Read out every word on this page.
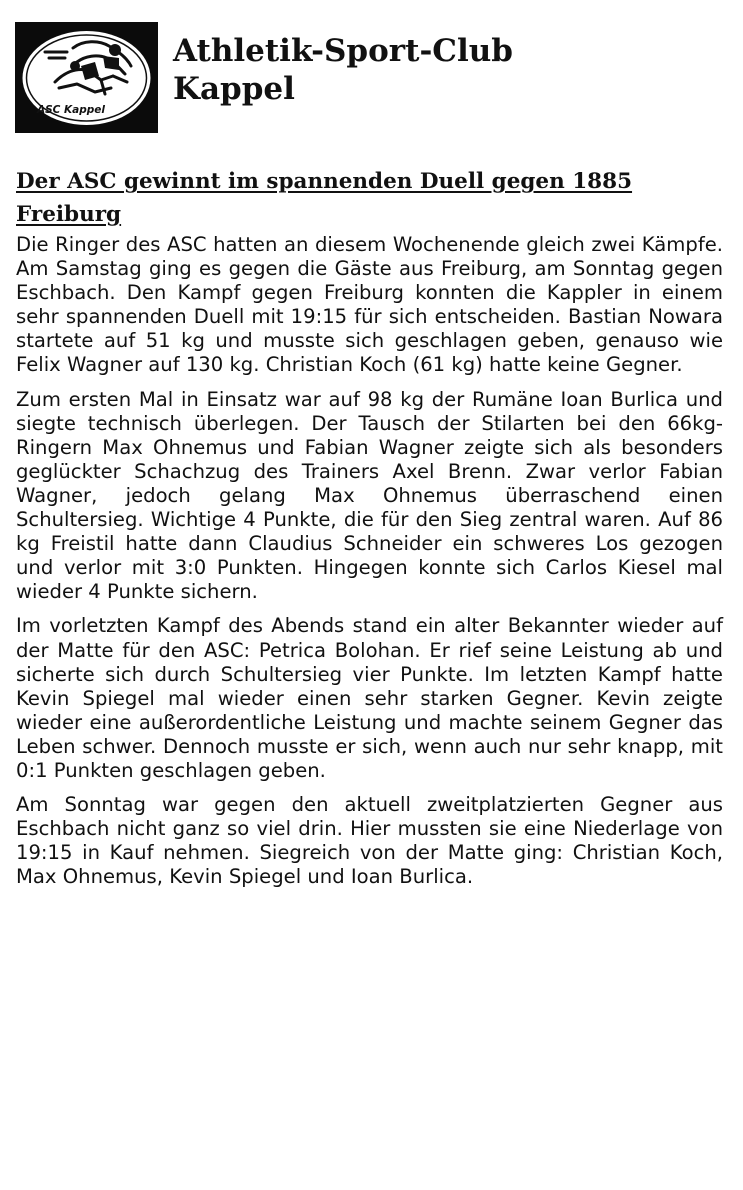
ASC Kappel
Athletik-Sport-Club
Kappel
Der ASC gewinnt im spannenden Duell gegen 1885 Freiburg

Die Ringer des ASC hatten an diesem Wochenende gleich zwei Kämpfe. Am Samstag ging es gegen die Gäste aus Freiburg, am Sonntag gegen Eschbach. Den Kampf gegen Freiburg konnten die Kappler in einem sehr spannenden Duell mit 19:15 für sich entscheiden. Bastian Nowara startete auf 51 kg und musste sich geschlagen geben, genauso wie Felix Wagner auf 130 kg. Christian Koch (61 kg) hatte keine Gegner.

Zum ersten Mal in Einsatz war auf 98 kg der Rumäne Ioan Burlica und siegte technisch überlegen. Der Tausch der Stilarten bei den 66kg-Ringern Max Ohnemus und Fabian Wagner zeigte sich als besonders geglückter Schachzug des Trainers Axel Brenn. Zwar verlor Fabian Wagner, jedoch gelang Max Ohnemus überraschend einen Schultersieg. Wichtige 4 Punkte, die für den Sieg zentral waren. Auf 86 kg Freistil hatte dann Claudius Schneider ein schweres Los gezogen und verlor mit 3:0 Punkten. Hingegen konnte sich Carlos Kiesel mal wieder 4 Punkte sichern.

Im vorletzten Kampf des Abends stand ein alter Bekannter wieder auf der Matte für den ASC: Petrica Bolohan. Er rief seine Leistung ab und sicherte sich durch Schultersieg vier Punkte. Im letzten Kampf hatte Kevin Spiegel mal wieder einen sehr starken Gegner. Kevin zeigte wieder eine außerordentliche Leistung und machte seinem Gegner das Leben schwer. Dennoch musste er sich, wenn auch nur sehr knapp, mit 0:1 Punkten geschlagen geben.

Am Sonntag war gegen den aktuell zweitplatzierten Gegner aus Eschbach nicht ganz so viel drin. Hier mussten sie eine Niederlage von 19:15 in Kauf nehmen. Siegreich von der Matte ging: Christian Koch, Max Ohnemus, Kevin Spiegel und Ioan Burlica.
